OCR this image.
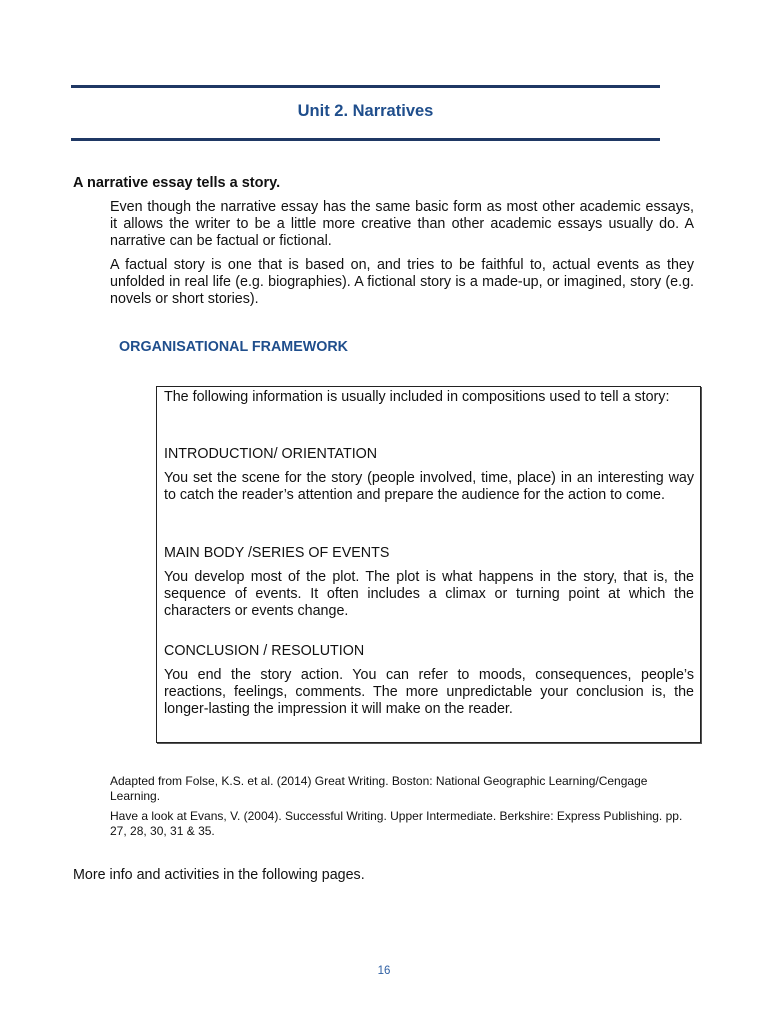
Unit 2. Narratives
A narrative essay tells a story.
Even though the narrative essay has the same basic form as most other academic essays, it allows the writer to be a little more creative than other academic essays usually do. A narrative can be factual or fictional.
A factual story is one that is based on, and tries to be faithful to, actual events as they unfolded in real life (e.g. biographies). A fictional story is a made-up, or imagined, story (e.g. novels or short stories).
ORGANISATIONAL FRAMEWORK
The following information is usually included in compositions used to tell a story:
INTRODUCTION/ ORIENTATION
You set the scene for the story (people involved, time, place) in an interesting way to catch the reader’s attention and prepare the audience for the action to come.
MAIN BODY /SERIES OF EVENTS
You develop most of the plot. The plot is what happens in the story, that is, the sequence of events. It often includes a climax or turning point at which the characters or events change.
CONCLUSION / RESOLUTION
You end the story action. You can refer to moods, consequences, people’s reactions, feelings, comments. The more unpredictable your conclusion is, the longer-lasting the impression it will make on the reader.
Adapted from Folse, K.S. et al. (2014) Great Writing. Boston: National Geographic Learning/Cengage Learning.
Have a look at Evans, V. (2004). Successful Writing. Upper Intermediate. Berkshire: Express Publishing. pp. 27, 28, 30, 31 & 35.
More info and activities in the following pages.
16
